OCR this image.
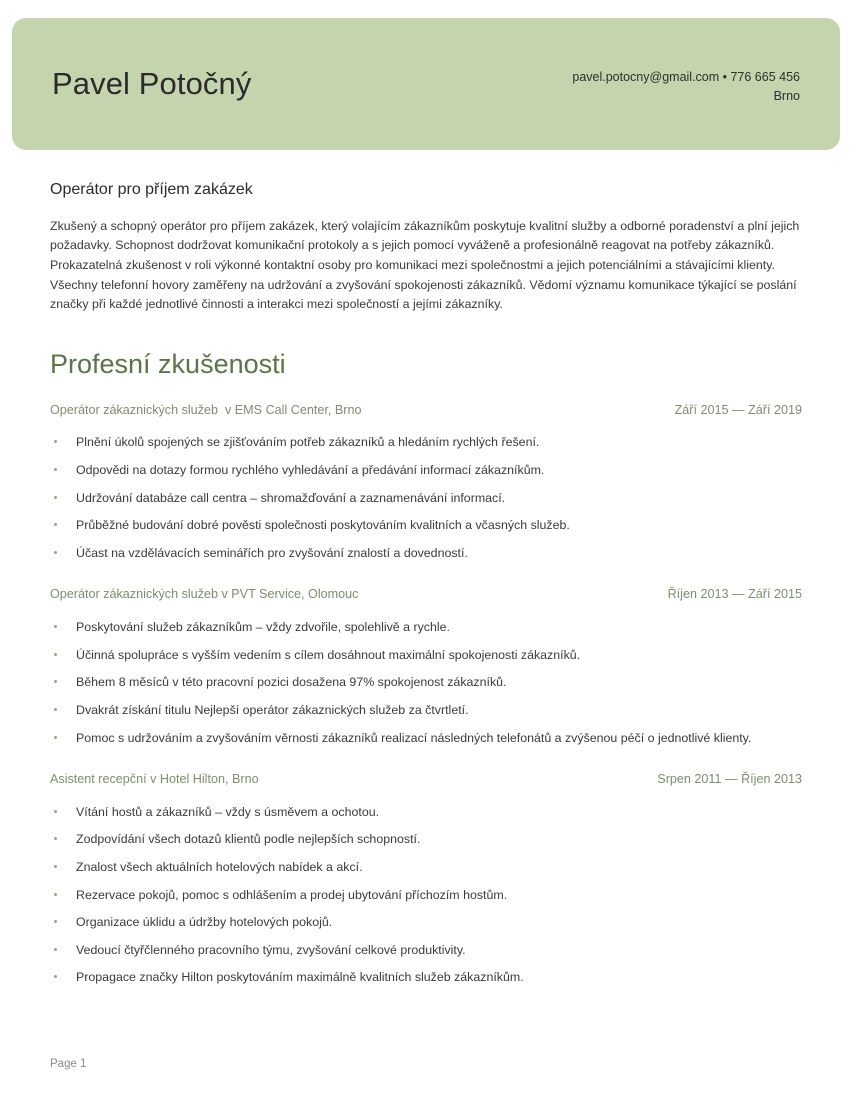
Pavel Potočný	pavel.potocny@gmail.com • 776 665 456
Brno
Operátor pro příjem zakázek

Zkušený a schopný operátor pro příjem zakázek, který volajícím zákazníkům poskytuje kvalitní služby a odborné poradenství a plní jejich požadavky. Schopnost dodržovat komunikační protokoly a s jejich pomocí vyváženě a profesionálně reagovat na potřeby zákazníků. Prokazatelná zkušenost v roli výkonné kontaktní osoby pro komunikaci mezi společnostmi a jejich potenciálními a stávajícími klienty. Všechny telefonní hovory zaměřeny na udržování a zvyšování spokojenosti zákazníků. Vědomí významu komunikace týkající se poslání značky při každé jednotlivé činnosti a interakci mezi společností a jejími zákazníky.

Profesní zkušenosti
Operátor zákaznických služeb  v EMS Call Center, Brno	Září 2015 — Září 2019
Plnění úkolů spojených se zjišťováním potřeb zákazníků a hledáním rychlých řešení.
Odpovědi na dotazy formou rychlého vyhledávání a předávání informací zákazníkům.
Udržování databáze call centra – shromažďování a zaznamenávání informací.
Průběžné budování dobré pověsti společnosti poskytováním kvalitních a včasných služeb.
Účast na vzdělávacích seminářích pro zvyšování znalostí a dovedností.
Operátor zákaznických služeb v PVT Service, Olomouc	Říjen 2013 — Září 2015
Poskytování služeb zákazníkům – vždy zdvořile, spolehlivě a rychle.
Účinná spolupráce s vyšším vedením s cílem dosáhnout maximální spokojenosti zákazníků.
Během 8 měsíců v této pracovní pozici dosažena 97% spokojenost zákazníků.
Dvakrát získání titulu Nejlepší operátor zákaznických služeb za čtvrtletí.
Pomoc s udržováním a zvyšováním věrnosti zákazníků realizací následných telefonátů a zvýšenou péčí o jednotlivé klienty.
Asistent recepční v Hotel Hilton, Brno	Srpen 2011 — Říjen 2013
Vítání hostů a zákazníků – vždy s úsměvem a ochotou.
Zodpovídání všech dotazů klientů podle nejlepších schopností.
Znalost všech aktuálních hotelových nabídek a akcí.
Rezervace pokojů, pomoc s odhlášením a prodej ubytování příchozím hostům.
Organizace úklidu a údržby hotelových pokojů.
Vedoucí čtyřčlenného pracovního týmu, zvyšování celkové produktivity.
Propagace značky Hilton poskytováním maximálně kvalitních služeb zákazníkům.
Page 1
